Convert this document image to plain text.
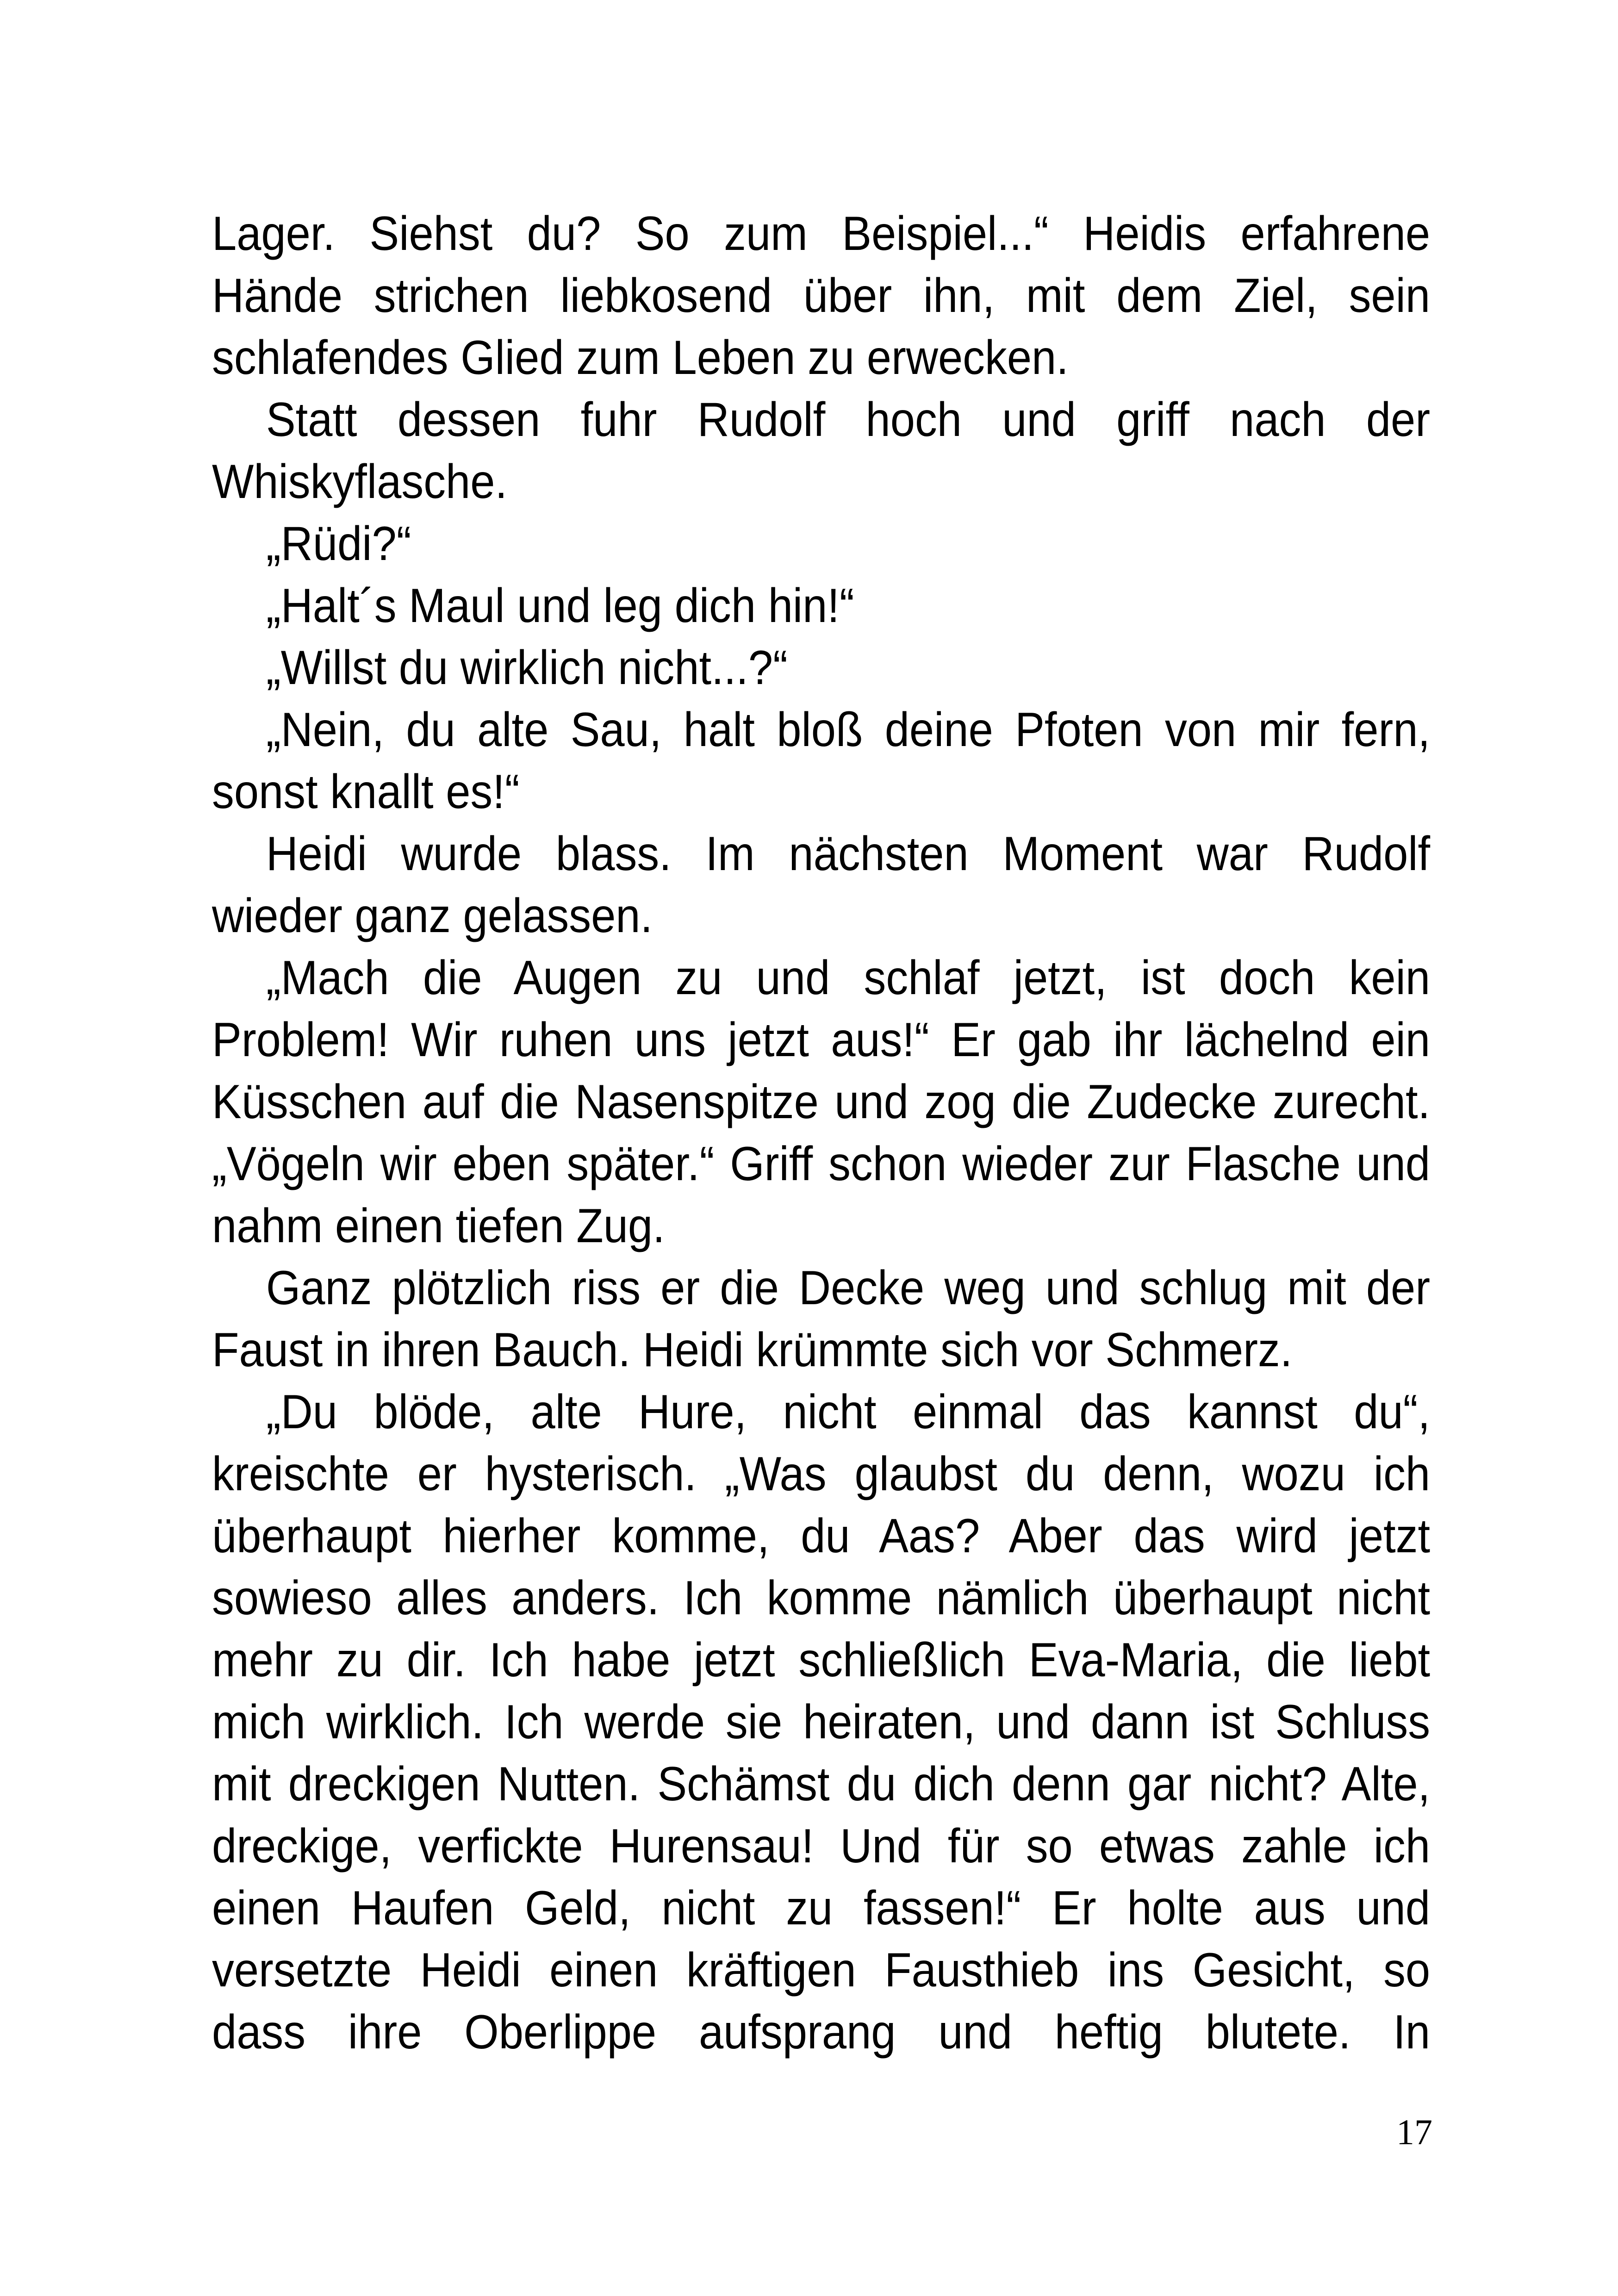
Lager. Siehst du? So zum Beispiel...“ Heidis erfahrene
Hände strichen liebkosend über ihn, mit dem Ziel, sein
schlafendes Glied zum Leben zu erwecken.
Statt dessen fuhr Rudolf hoch und griff nach der
Whiskyflasche.
„Rüdi?“
„Halt´s Maul und leg dich hin!“
„Willst du wirklich nicht...?“
„Nein, du alte Sau, halt bloß deine Pfoten von mir fern,
sonst knallt es!“
Heidi wurde blass. Im nächsten Moment war Rudolf
wieder ganz gelassen.
„Mach die Augen zu und schlaf jetzt, ist doch kein
Problem! Wir ruhen uns jetzt aus!“ Er gab ihr lächelnd ein
Küsschen auf die Nasenspitze und zog die Zudecke zurecht.
„Vögeln wir eben später.“ Griff schon wieder zur Flasche und
nahm einen tiefen Zug.
Ganz plötzlich riss er die Decke weg und schlug mit der
Faust in ihren Bauch. Heidi krümmte sich vor Schmerz.
„Du blöde, alte Hure, nicht einmal das kannst du“,
kreischte er hysterisch. „Was glaubst du denn, wozu ich
überhaupt hierher komme, du Aas? Aber das wird jetzt
sowieso alles anders. Ich komme nämlich überhaupt nicht
mehr zu dir. Ich habe jetzt schließlich Eva-Maria, die liebt
mich wirklich. Ich werde sie heiraten, und dann ist Schluss
mit dreckigen Nutten. Schämst du dich denn gar nicht? Alte,
dreckige, verfickte Hurensau! Und für so etwas zahle ich
einen Haufen Geld, nicht zu fassen!“ Er holte aus und
versetzte Heidi einen kräftigen Fausthieb ins Gesicht, so
dass ihre Oberlippe aufsprang und heftig blutete. In
17
